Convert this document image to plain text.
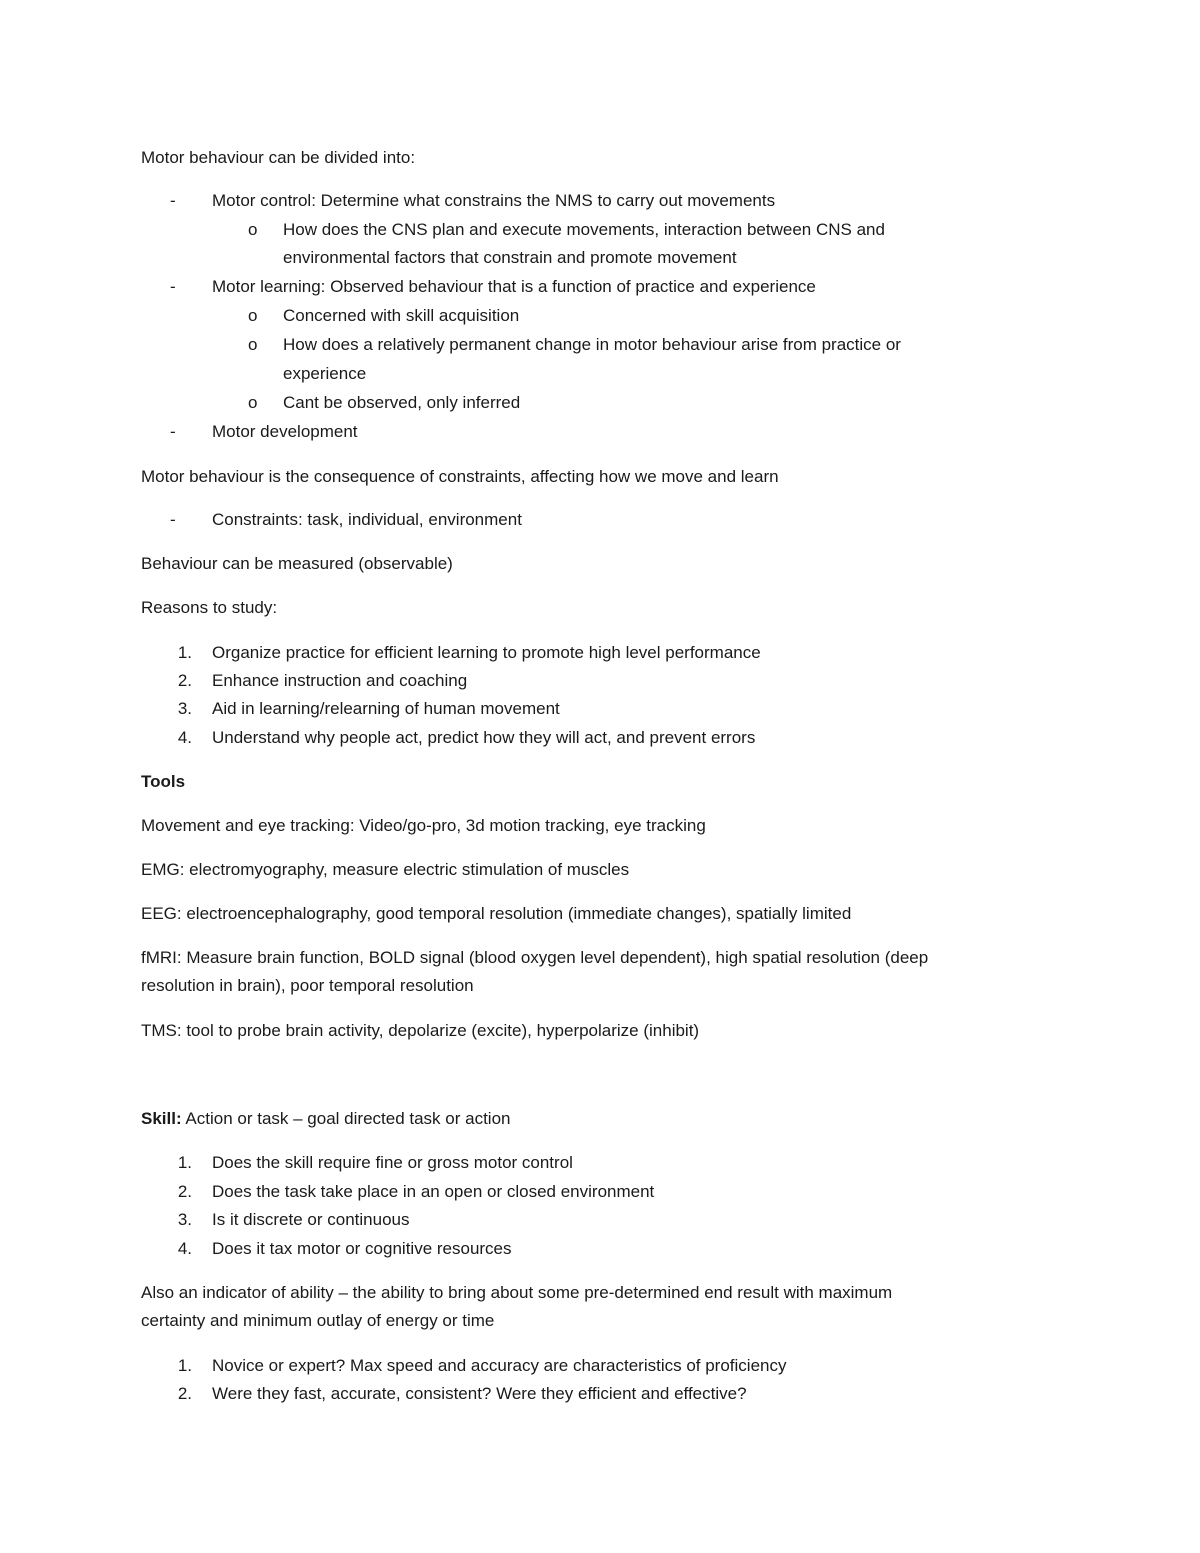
Motor behaviour can be divided into:
-	Motor control: Determine what constrains the NMS to carry out movements
o How does the CNS plan and execute movements, interaction between CNS and
environmental factors that constrain and promote movement
-	Motor learning: Observed behaviour that is a function of practice and experience
o Concerned with skill acquisition
o How does a relatively permanent change in motor behaviour arise from practice or
experience
o Cant be observed, only inferred
-	Motor development
Motor behaviour is the consequence of constraints, affecting how we move and learn
-	Constraints: task, individual, environment
Behaviour can be measured (observable)
Reasons to study:
1. Organize practice for efficient learning to promote high level performance
2. Enhance instruction and coaching
3. Aid in learning/relearning of human movement
4. Understand why people act, predict how they will act, and prevent errors
Tools
Movement and eye tracking: Video/go-pro, 3d motion tracking, eye tracking
EMG: electromyography, measure electric stimulation of muscles
EEG: electroencephalography, good temporal resolution (immediate changes), spatially limited
fMRI: Measure brain function, BOLD signal (blood oxygen level dependent), high spatial resolution (deep
resolution in brain), poor temporal resolution
TMS: tool to probe brain activity, depolarize (excite), hyperpolarize (inhibit)
Skill: Action or task – goal directed task or action
1. Does the skill require fine or gross motor control
2. Does the task take place in an open or closed environment
3. Is it discrete or continuous
4. Does it tax motor or cognitive resources
Also an indicator of ability – the ability to bring about some pre-determined end result with maximum
certainty and minimum outlay of energy or time
1. Novice or expert? Max speed and accuracy are characteristics of proficiency
2. Were they fast, accurate, consistent? Were they efficient and effective?
